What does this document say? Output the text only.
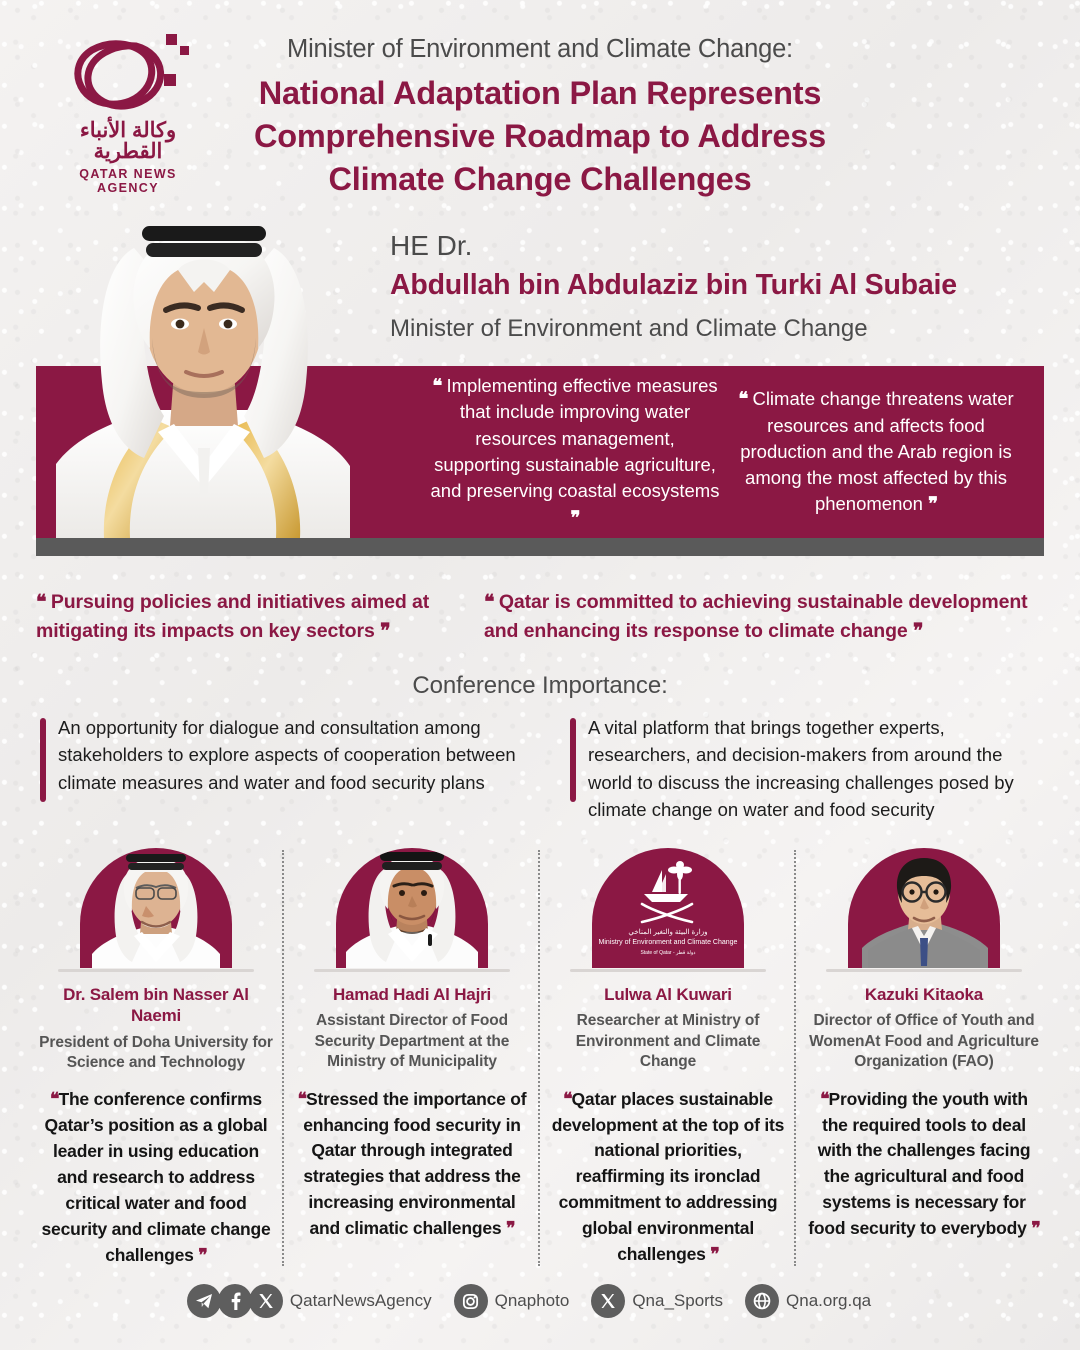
وكالة الأنباء القطرية
QATAR NEWS AGENCY
Minister of Environment and Climate Change:
National Adaptation Plan Represents
Comprehensive Roadmap to Address
Climate Change Challenges
HE Dr.
Abdullah bin Abdulaziz bin Turki Al Subaie
Minister of Environment and Climate Change
❝ Implementing effective measures that include improving water resources management, supporting sustainable agriculture, and preserving coastal ecosystems ❞
❝ Climate change threatens water resources and affects food production and the Arab region is among the most affected by this phenomenon ❞
❝ Pursuing policies and initiatives aimed at mitigating its impacts on key sectors ❞
❝ Qatar is committed to achieving sustainable development and enhancing its response to climate change ❞
Conference Importance:
An opportunity for dialogue and consultation among stakeholders to explore aspects of cooperation between climate measures and water and food security plans
A vital platform that brings together experts, researchers, and decision-makers from around the world to discuss the increasing challenges posed by climate change on water and food security
Dr. Salem bin Nasser Al Naemi
President of Doha University for Science and Technology
❝The conference confirms Qatar’s position as a global leader in using education and research to address critical water and food security and climate change challenges ❞
Hamad Hadi Al Hajri
Assistant Director of Food Security Department at the Ministry of Municipality
❝Stressed the importance of enhancing food security in Qatar through integrated strategies that address the increasing environmental and climatic challenges ❞
وزارة البيئة والتغير المناخي
Ministry of Environment and Climate Change
State of Qatar - دولة قطر
Lulwa Al Kuwari
Researcher at Ministry of Environment and Climate Change
❝Qatar places sustainable development at the top of its national priorities, reaffirming its ironclad commitment to addressing global environmental challenges ❞
Kazuki Kitaoka
Director of Office of Youth and WomenAt Food and Agriculture Organization (FAO)
❝Providing the youth with the required tools to deal with the challenges facing the agricultural and food systems is necessary for food security to everybody ❞
QatarNewsAgency	Qnaphoto	Qna_Sports	Qna.org.qa
